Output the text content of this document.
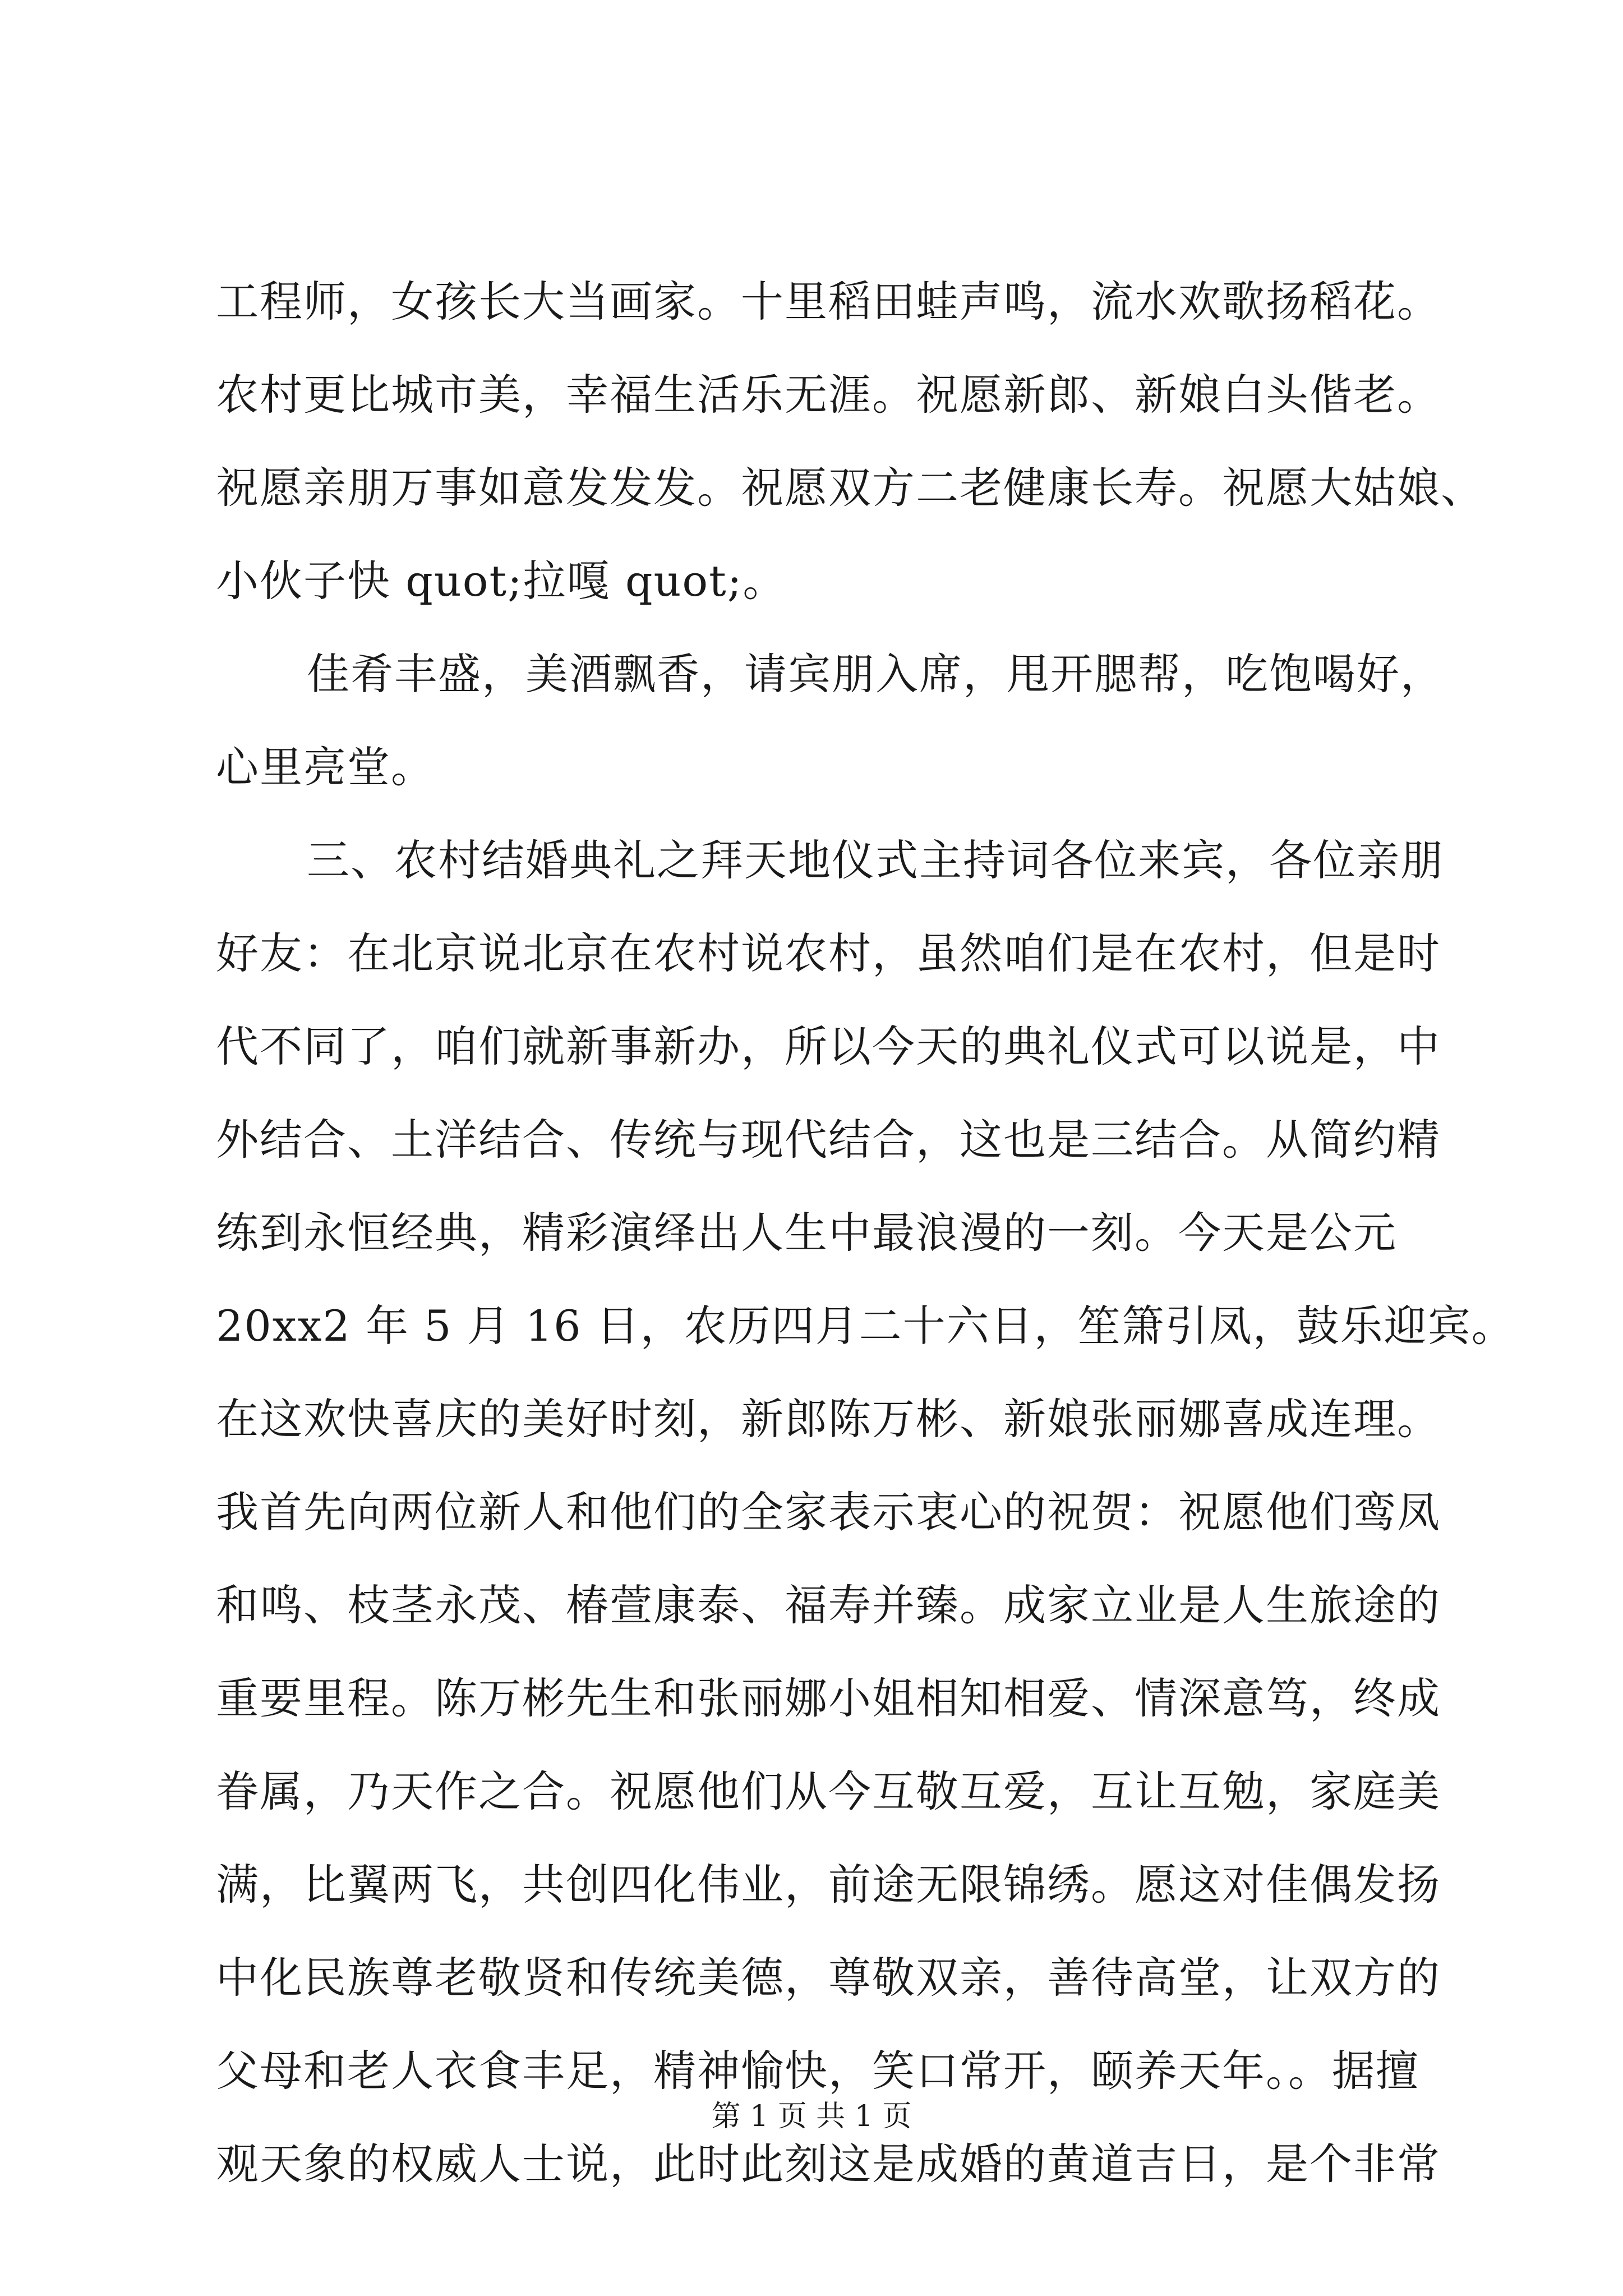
工程师，女孩长大当画家。十里稻田蛙声鸣，流水欢歌扬稻花。
农村更比城市美，幸福生活乐无涯。祝愿新郎、新娘白头偕老。
祝愿亲朋万事如意发发发。祝愿双方二老健康长寿。祝愿大姑娘、
小伙子快 quot;拉嘎 quot;。
佳肴丰盛，美酒飘香，请宾朋入席，甩开腮帮，吃饱喝好，
心里亮堂。
三、农村结婚典礼之拜天地仪式主持词各位来宾，各位亲朋
好友：在北京说北京在农村说农村，虽然咱们是在农村，但是时
代不同了，咱们就新事新办，所以今天的典礼仪式可以说是，中
外结合、土洋结合、传统与现代结合，这也是三结合。从简约精
练到永恒经典，精彩演绎出人生中最浪漫的一刻。今天是公元
20xx2 年 5 月 16 日，农历四月二十六日，笙箫引凤，鼓乐迎宾。
在这欢快喜庆的美好时刻，新郎陈万彬、新娘张丽娜喜成连理。
我首先向两位新人和他们的全家表示衷心的祝贺：祝愿他们鸾凤
和鸣、枝茎永茂、椿萱康泰、福寿并臻。成家立业是人生旅途的
重要里程。陈万彬先生和张丽娜小姐相知相爱、情深意笃，终成
眷属，乃天作之合。祝愿他们从今互敬互爱，互让互勉，家庭美
满，比翼两飞，共创四化伟业，前途无限锦绣。愿这对佳偶发扬
中化民族尊老敬贤和传统美德，尊敬双亲，善待高堂，让双方的
父母和老人衣食丰足，精神愉快，笑口常开，颐养天年。。据擅
观天象的权威人士说，此时此刻这是成婚的黄道吉日，是个非常
第 1 页 共 1 页
